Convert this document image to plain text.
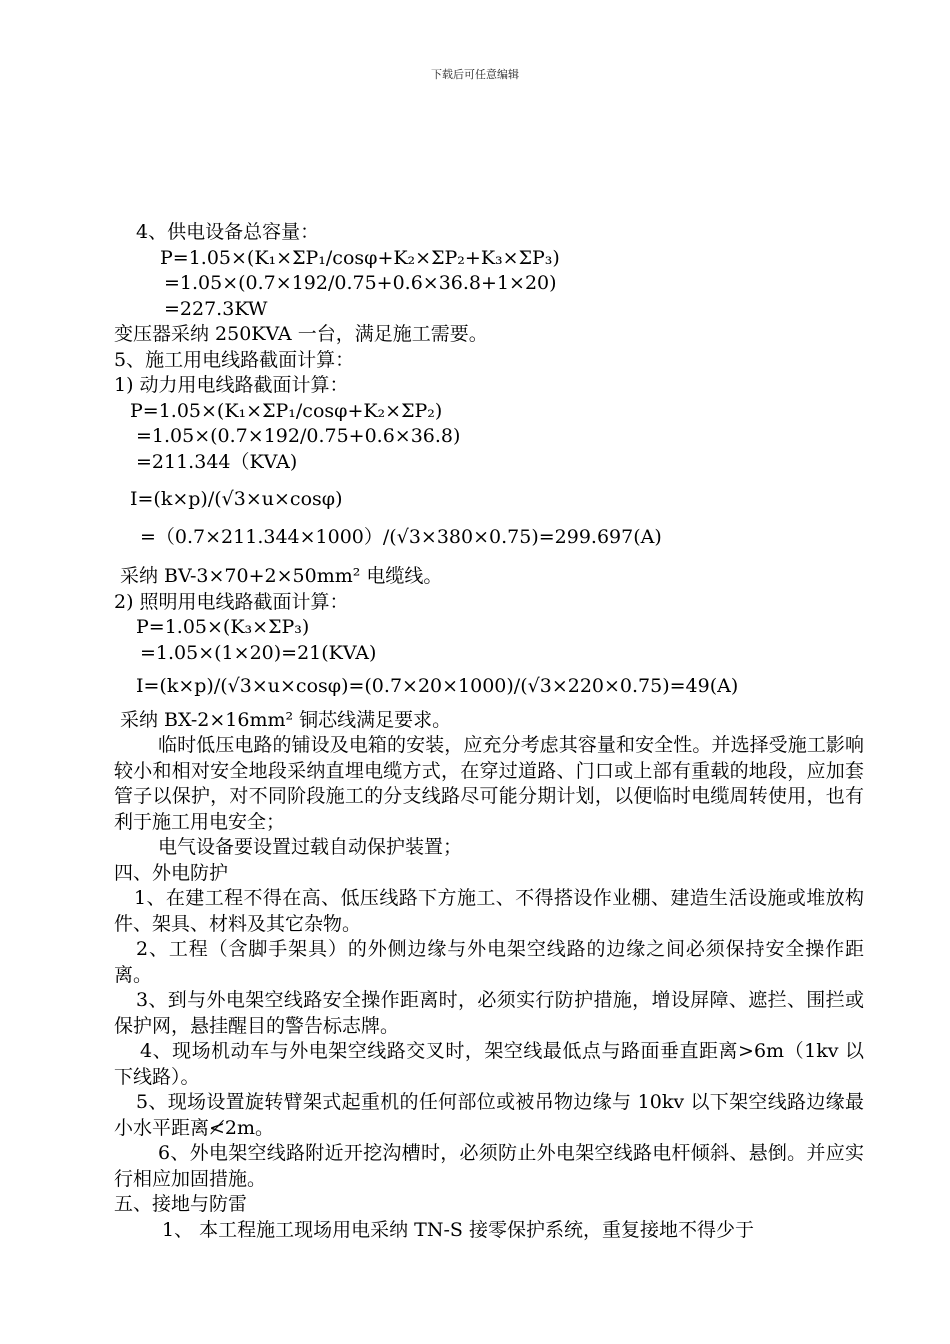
下载后可任意编辑
4、供电设备总容量：
P=1.05×(K₁×ΣP₁/cosφ+K₂×ΣP₂+K₃×ΣP₃)
=1.05×(0.7×192/0.75+0.6×36.8+1×20)
=227.3KW
变压器采纳 250KVA 一台，满足施工需要。
5、施工用电线路截面计算：
1) 动力用电线路截面计算：
P=1.05×(K₁×ΣP₁/cosφ+K₂×ΣP₂)
=1.05×(0.7×192/0.75+0.6×36.8)
=211.344（KVA)
I=(k×p)/(√3×u×cosφ)
=（0.7×211.344×1000）/(√3×380×0.75)=299.697(A)
采纳 BV-3×70+2×50mm² 电缆线。
2) 照明用电线路截面计算：
P=1.05×(K₃×ΣP₃)
=1.05×(1×20)=21(KVA)
I=(k×p)/(√3×u×cosφ)=(0.7×20×1000)/(√3×220×0.75)=49(A)
采纳 BX-2×16mm² 铜芯线满足要求。
临时低压电路的铺设及电箱的安装，应充分考虑其容量和安全性。并选择受施工影响较小和相对安全地段采纳直埋电缆方式，在穿过道路、门口或上部有重载的地段，应加套管子以保护，对不同阶段施工的分支线路尽可能分期计划，以便临时电缆周转使用，也有利于施工用电安全；
电气设备要设置过载自动保护装置；
四、外电防护
1、在建工程不得在高、低压线路下方施工、不得搭设作业棚、建造生活设施或堆放构件、架具、材料及其它杂物。
2、工程（含脚手架具）的外侧边缘与外电架空线路的边缘之间必须保持安全操作距离。
3、到与外电架空线路安全操作距离时，必须实行防护措施，增设屏障、遮拦、围拦或保护网，悬挂醒目的警告标志牌。
4、现场机动车与外电架空线路交叉时，架空线最低点与路面垂直距离>6m（1kv 以下线路）。
5、现场设置旋转臂架式起重机的任何部位或被吊物边缘与 10kv 以下架空线路边缘最小水平距离≮2m。
6、外电架空线路附近开挖沟槽时，必须防止外电架空线路电杆倾斜、悬倒。并应实行相应加固措施。
五、接地与防雷
1、 本工程施工现场用电采纳 TN-S 接零保护系统，重复接地不得少于
